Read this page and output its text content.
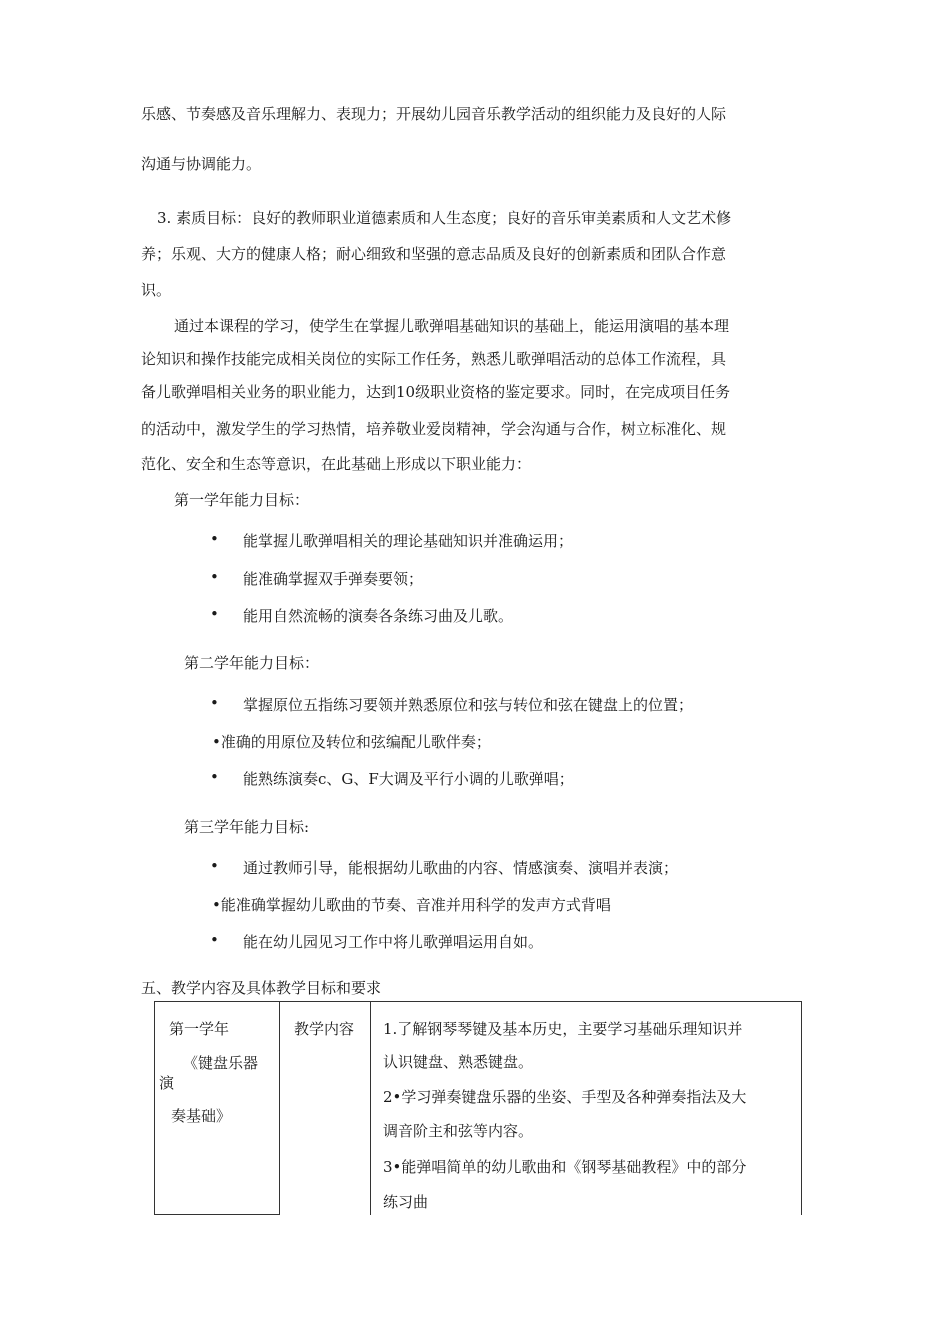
乐感、节奏感及音乐理解力、表现力；开展幼儿园音乐教学活动的组织能力及良好的人际
沟通与协调能力。
3. 素质目标：良好的教师职业道德素质和人生态度；良好的音乐审美素质和人文艺术修
养；乐观、大方的健康人格；耐心细致和坚强的意志品质及良好的创新素质和团队合作意
识。
通过本课程的学习，使学生在掌握儿歌弹唱基础知识的基础上，能运用演唱的基本理
论知识和操作技能完成相关岗位的实际工作任务，熟悉儿歌弹唱活动的总体工作流程，具
备儿歌弹唱相关业务的职业能力，达到10级职业资格的鉴定要求。同时，在完成项目任务
的活动中，激发学生的学习热情，培养敬业爱岗精神，学会沟通与合作，树立标准化、规
范化、安全和生态等意识，在此基础上形成以下职业能力：
第一学年能力目标：
• 能掌握儿歌弹唱相关的理论基础知识并准确运用；
• 能准确掌握双手弹奏要领；
• 能用自然流畅的演奏各条练习曲及儿歌。
第二学年能力目标：
• 掌握原位五指练习要领并熟悉原位和弦与转位和弦在键盘上的位置；
•准确的用原位及转位和弦编配儿歌伴奏；
• 能熟练演奏c、G、F大调及平行小调的儿歌弹唱；
第三学年能力目标:
• 通过教师引导，能根据幼儿歌曲的内容、情感演奏、演唱并表演；
•能准确掌握幼儿歌曲的节奏、音准并用科学的发声方式背唱
• 能在幼儿园见习工作中将儿歌弹唱运用自如。
五、教学内容及具体教学目标和要求
第一学年
《键盘乐器
演
奏基础》

教学内容	1.了解钢琴琴键及基本历史，主要学习基础乐理知识并
认识键盘、熟悉键盘。
2•学习弹奏键盘乐器的坐姿、手型及各种弹奏指法及大
调音阶主和弦等内容。
3•能弹唱简单的幼儿歌曲和《钢琴基础教程》中的部分
练习曲
